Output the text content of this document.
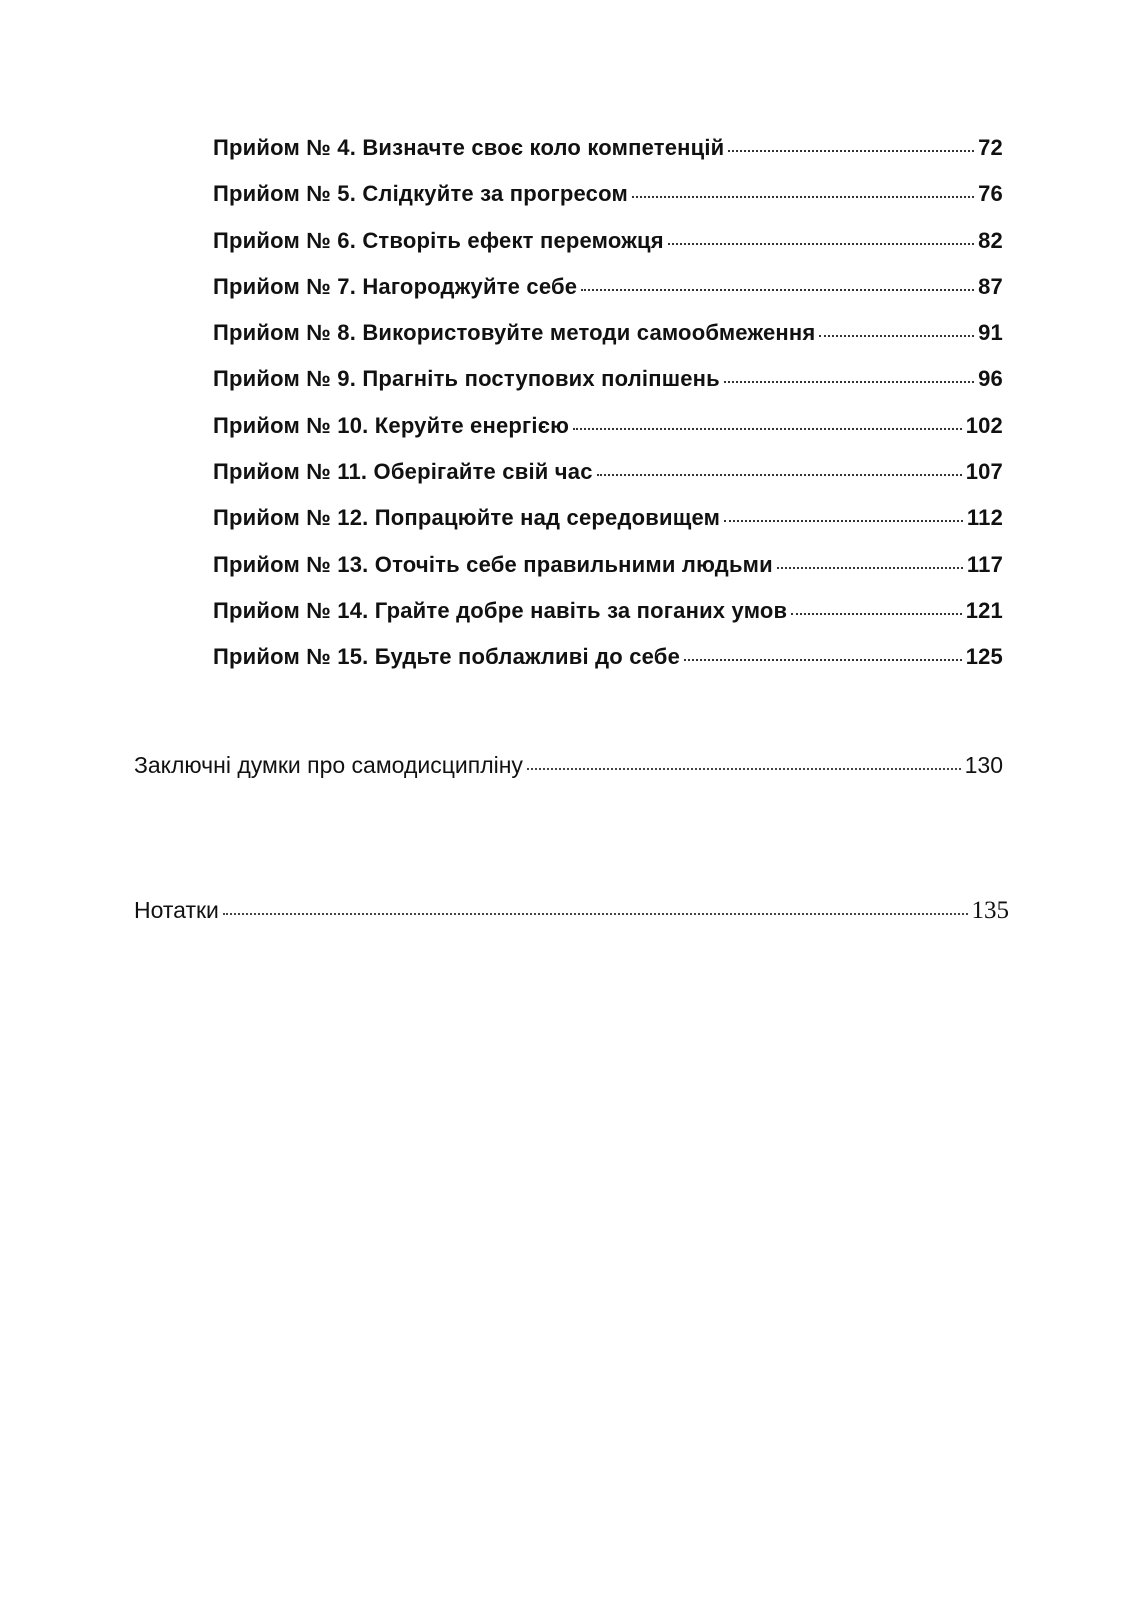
Прийом № 4. Визначте своє коло компетенцій	72
Прийом № 5. Слідкуйте за прогресом	76
Прийом № 6. Створіть ефект переможця	82
Прийом № 7. Нагороджуйте себе	87
Прийом № 8. Використовуйте методи самообмеження	91
Прийом № 9. Прагніть поступових поліпшень	96
Прийом № 10. Керуйте енергією	102
Прийом № 11. Оберігайте свій час	107
Прийом № 12. Попрацюйте над середовищем	112
Прийом № 13. Оточіть себе правильними людьми	117
Прийом № 14. Грайте добре навіть за поганих умов	121
Прийом № 15. Будьте поблажливі до себе	125
Заключні думки про самодисципліну	130
Нотатки	135
